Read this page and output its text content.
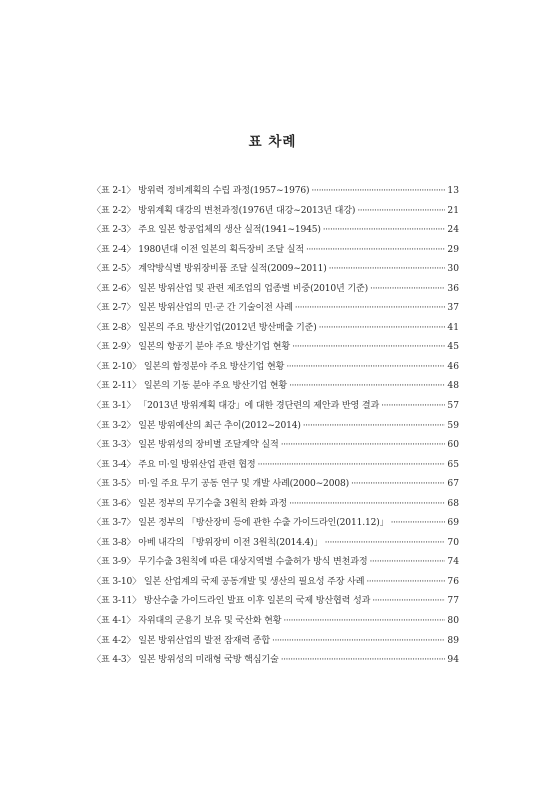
표 차례
〈표 2-1〉 방위력 정비계획의 수립 과정(1957∼1976) ·····	13
〈표 2-2〉 방위계획 대강의 변천과정(1976년 대강∼2013년 대강) ·····	21
〈표 2-3〉 주요 일본 항공업체의 생산 실적(1941∼1945) ·····	24
〈표 2-4〉 1980년대 이전 일본의 획득장비 조달 실적 ·····	29
〈표 2-5〉 계약방식별 방위장비품 조달 실적(2009∼2011) ·····	30
〈표 2-6〉 일본 방위산업 및 관련 제조업의 업종별 비중(2010년 기준) ·····	36
〈표 2-7〉 일본 방위산업의 민·군 간 기술이전 사례 ·····	37
〈표 2-8〉 일본의 주요 방산기업(2012년 방산매출 기준) ·····	41
〈표 2-9〉 일본의 항공기 분야 주요 방산기업 현황 ·····	45
〈표 2-10〉 일본의 함정분야 주요 방산기업 현황 ·····	46
〈표 2-11〉 일본의 기동 분야 주요 방산기업 현황 ·····	48
〈표 3-1〉 「2013년 방위계획 대강」에 대한 경단련의 제안과 반영 결과 ·····	57
〈표 3-2〉 일본 방위예산의 최근 추이(2012∼2014) ·····	59
〈표 3-3〉 일본 방위성의 장비별 조달계약 실적 ·····	60
〈표 3-4〉 주요 미·일 방위산업 관련 협정 ·····	65
〈표 3-5〉 미·일 주요 무기 공동 연구 및 개발 사례(2000∼2008) ·····	67
〈표 3-6〉 일본 정부의 무기수출 3원칙 완화 과정 ·····	68
〈표 3-7〉 일본 정부의 「방산장비 등에 관한 수출 가이드라인(2011.12)」 ·····	69
〈표 3-8〉 아베 내각의 「방위장비 이전 3원칙(2014.4)」 ·····	70
〈표 3-9〉 무기수출 3원칙에 따른 대상지역별 수출허가 방식 변천과정 ·····	74
〈표 3-10〉 일본 산업계의 국제 공동개발 및 생산의 필요성 주장 사례 ·····	76
〈표 3-11〉 방산수출 가이드라인 발표 이후 일본의 국제 방산협력 성과 ·····	77
〈표 4-1〉 자위대의 군용기 보유 및 국산화 현황 ·····	80
〈표 4-2〉 일본 방위산업의 발전 잠재력 종합 ·····	89
〈표 4-3〉 일본 방위성의 미래형 국방 핵심기술 ·····	94
